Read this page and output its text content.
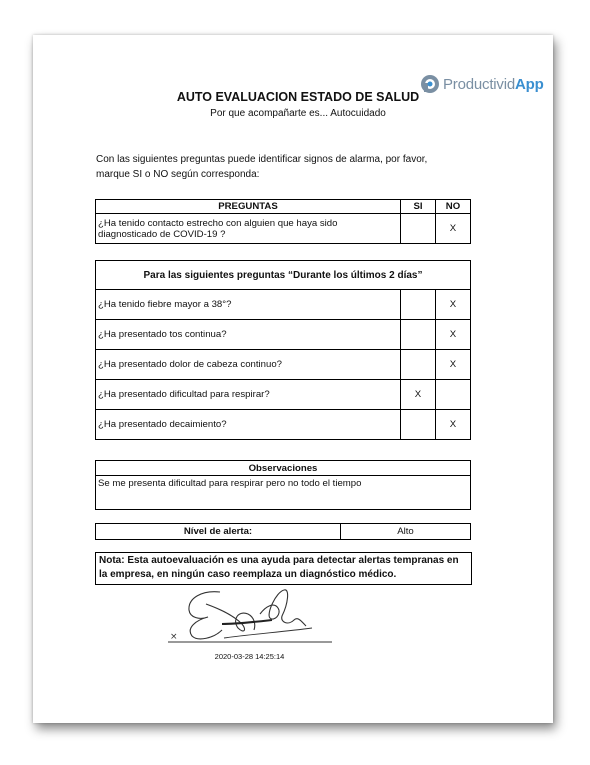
ProductividApp
AUTO EVALUACION ESTADO DE SALUD
Por que acompañarte es... Autocuidado
Con las siguientes preguntas puede identificar signos de alarma, por favor, marque SI o NO según corresponda:
PREGUNTAS	SI	NO
¿Ha tenido contacto estrecho con alguien que haya sido diagnosticado de COVID-19 ?		X
Para las siguientes preguntas “Durante los últimos 2 días”		
¿Ha tenido fiebre mayor a 38°?		X
¿Ha presentado tos continua?		X
¿Ha presentado dolor de cabeza continuo?		X
¿Ha presentado dificultad para respirar?	X	
¿Ha presentado decaimiento?		X
Observaciones
Se me presenta dificultad para respirar pero no todo el tiempo
Nível de alerta:	Alto
Nota: Esta autoevaluación es una ayuda para detectar alertas tempranas en la empresa, en ningún caso reemplaza un diagnóstico médico.
×
2020-03-28 14:25:14
